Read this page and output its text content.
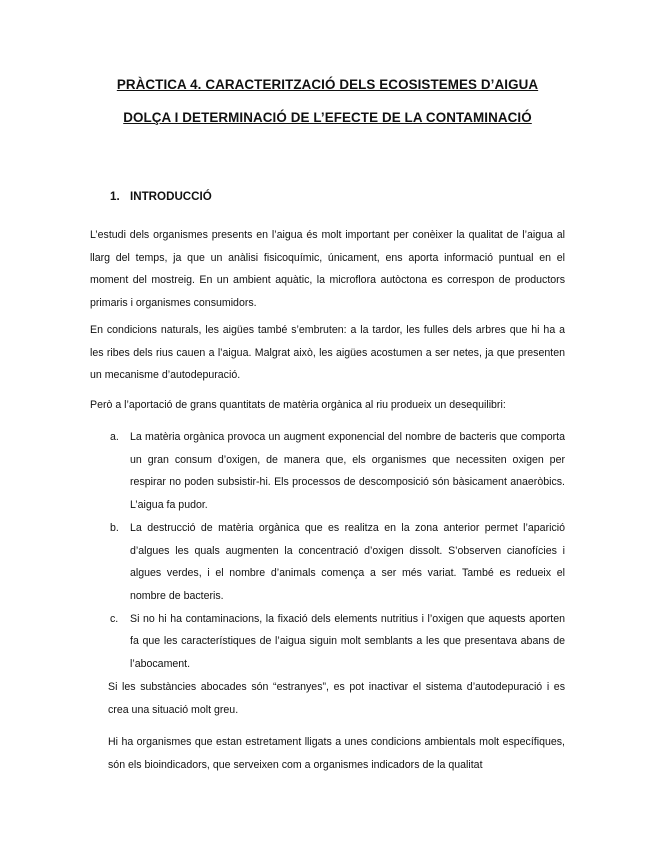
PRÀCTICA 4. CARACTERITZACIÓ DELS ECOSISTEMES D’AIGUA
DOLÇA I DETERMINACIÓ DE L’EFECTE DE LA CONTAMINACIÓ
1. INTRODUCCIÓ

L’estudi dels organismes presents en l’aigua és molt important per conèixer la qualitat de l’aigua al llarg del temps, ja que un anàlisi fisicoquímic, únicament, ens aporta informació puntual en el moment del mostreig. En un ambient aquàtic, la microflora autòctona es correspon de productors primaris i organismes consumidors.

En condicions naturals, les aigües també s’embruten: a la tardor, les fulles dels arbres que hi ha a les ribes dels rius cauen a l’aigua. Malgrat això, les aigües acostumen a ser netes, ja que presenten un mecanisme d’autodepuració.

Però a l’aportació de grans quantitats de matèria orgànica al riu produeix un desequilibri:

a. La matèria orgànica provoca un augment exponencial del nombre de bacteris que comporta un gran consum d’oxigen, de manera que, els organismes que necessiten oxigen per respirar no poden subsistir-hi. Els processos de descomposició són bàsicament anaeròbics. L’aigua fa pudor.
b. La destrucció de matèria orgànica que es realitza en la zona anterior permet l’aparició d’algues les quals augmenten la concentració d’oxigen dissolt. S’observen cianofícies i algues verdes, i el nombre d’animals comença a ser més variat. També es redueix el nombre de bacteris.
c. Si no hi ha contaminacions, la fixació dels elements nutritius i l’oxigen que aquests aporten fa que les característiques de l’aigua siguin molt semblants a les que presentava abans de l’abocament.

Si les substàncies abocades són “estranyes”, es pot inactivar el sistema d’autodepuració i es crea una situació molt greu.

Hi ha organismes que estan estretament lligats a unes condicions ambientals molt específiques, són els bioindicadors, que serveixen com a organismes indicadors de la qualitat
